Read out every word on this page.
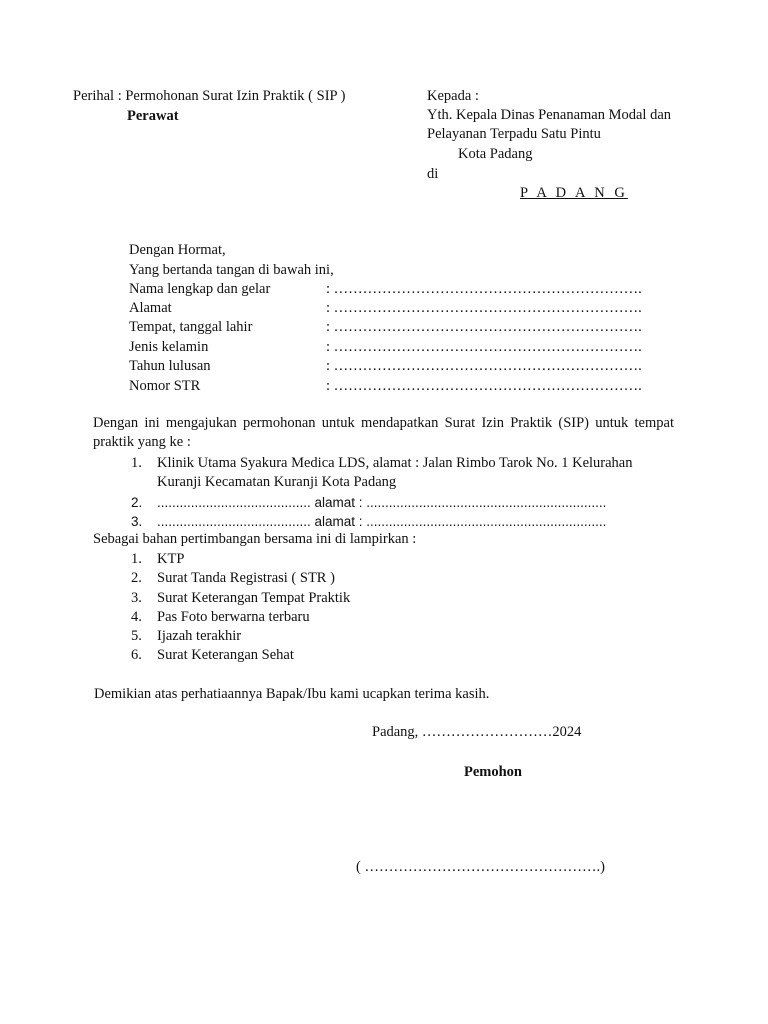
Perihal : Permohonan Surat Izin Praktik ( SIP )
Perawat
Kepada :
Yth. Kepala Dinas Penanaman Modal dan
Pelayanan Terpadu Satu Pintu
Kota Padang
di
P A D A N G
Dengan Hormat,
Yang bertanda tangan di bawah ini,
Nama lengkap dan gelar	: ……………………………………………………….
Alamat	: ……………………………………………………….
Tempat, tanggal lahir	: ……………………………………………………….
Jenis kelamin	: ……………………………………………………….
Tahun lulusan	: ……………………………………………………….
Nomor STR	: ……………………………………………………….
Dengan ini mengajukan permohonan untuk mendapatkan Surat Izin Praktik (SIP) untuk tempat praktik yang ke :
1.	Klinik Utama Syakura Medica LDS, alamat : Jalan Rimbo Tarok No. 1 Kelurahan
Kuranji Kecamatan Kuranji Kota Padang
2.	......................................... alamat : ................................................................
3.	......................................... alamat : ................................................................
Sebagai bahan pertimbangan bersama ini di lampirkan :
1.	KTP
2.	Surat Tanda Registrasi ( STR )
3.	Surat Keterangan Tempat Praktik
4.	Pas Foto berwarna terbaru
5.	Ijazah terakhir
6.	Surat Keterangan Sehat
Demikian atas perhatiaannya Bapak/Ibu kami ucapkan terima kasih.
Padang, ………………………2024
Pemohon
( ………………………………………….)
